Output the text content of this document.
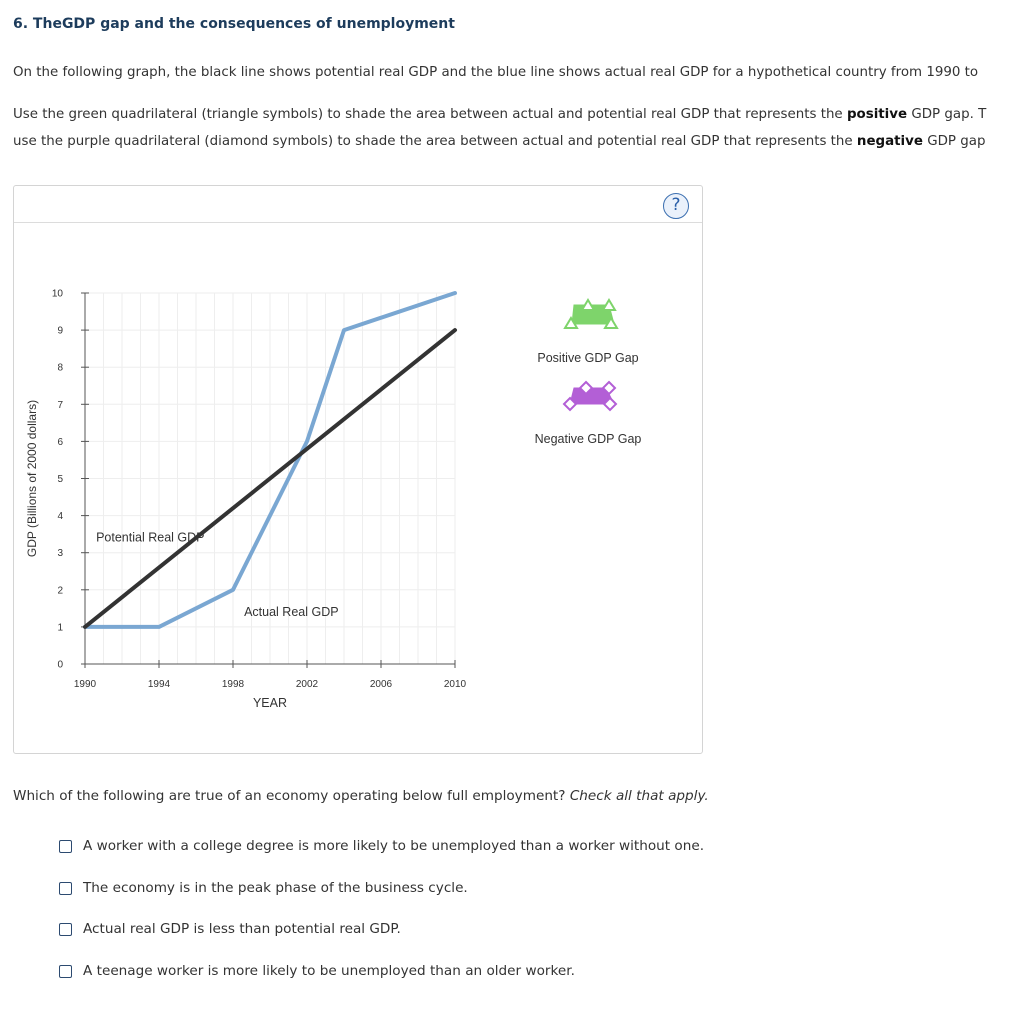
6. TheGDP gap and the consequences of unemployment
On the following graph, the black line shows potential real GDP and the blue line shows actual real GDP for a hypothetical country from 1990 to
Use the green quadrilateral (triangle symbols) to shade the area between actual and potential real GDP that represents the positive GDP gap. T
use the purple quadrilateral (diamond symbols) to shade the area between actual and potential real GDP that represents the negative GDP gap
?
0
1
2
3
4
5
6
7
8
9
10
1990	1994	1998	2002	2006	2010
YEAR
GDP (Billions of 2000 dollars)	Potential Real GDP
Actual Real GDP
Positive GDP Gap
Negative GDP Gap
Which of the following are true of an economy operating below full employment? Check all that apply.
A worker with a college degree is more likely to be unemployed than a worker without one.
The economy is in the peak phase of the business cycle.
Actual real GDP is less than potential real GDP.
A teenage worker is more likely to be unemployed than an older worker.
